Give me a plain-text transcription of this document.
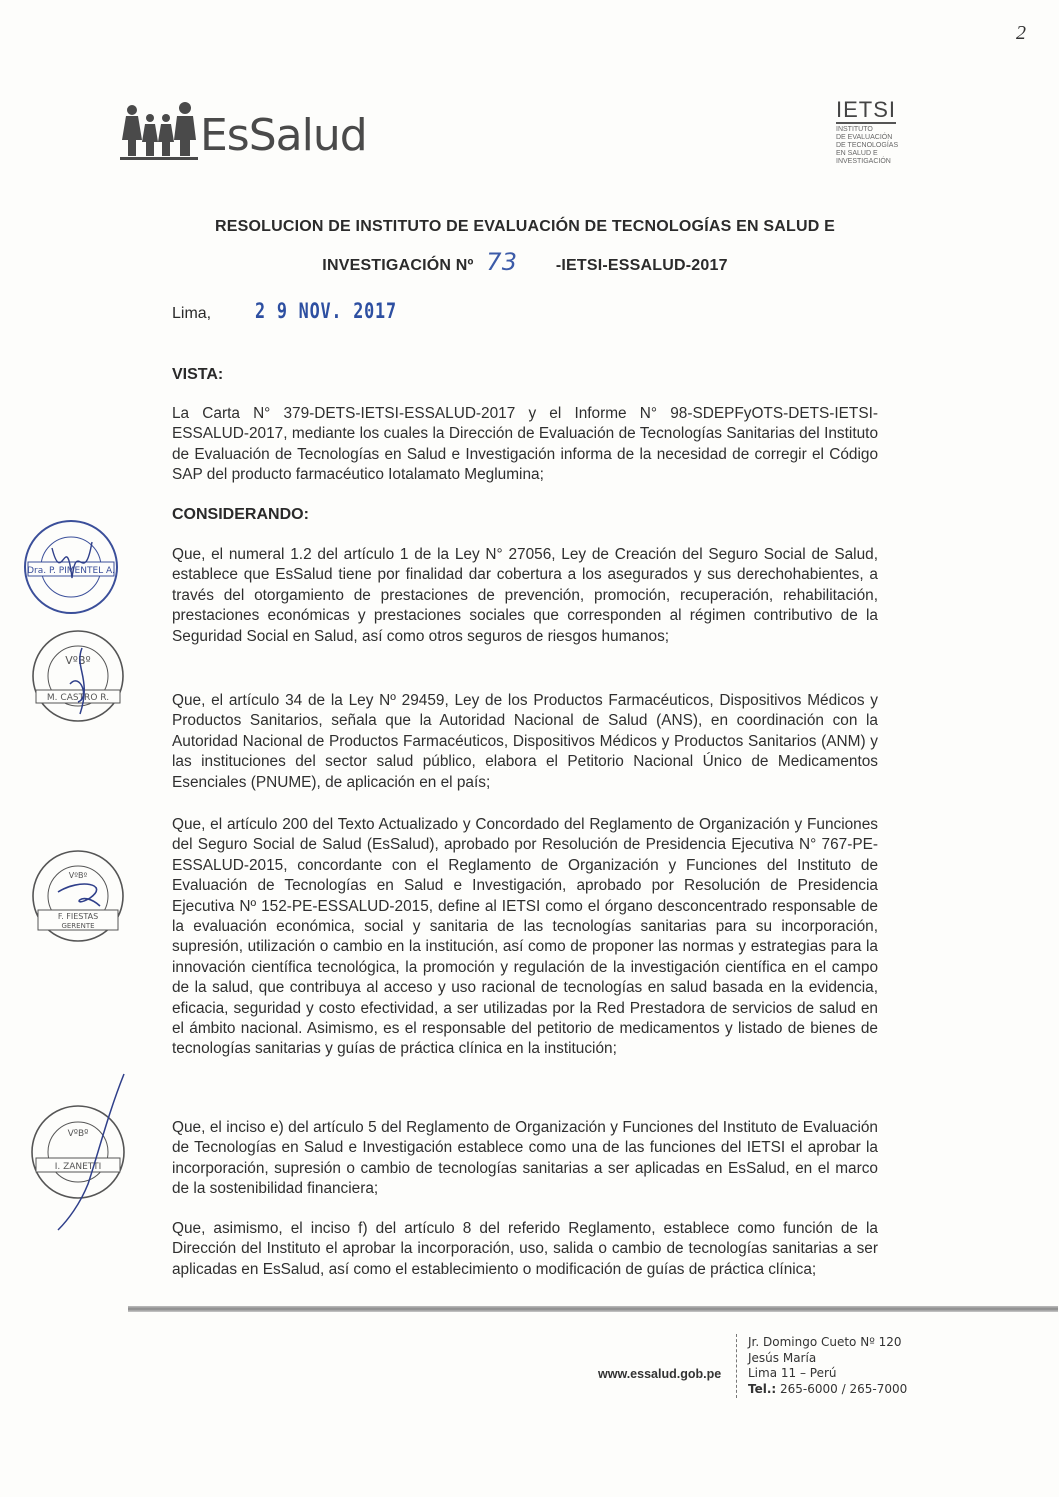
2
EsSalud
IETSI
INSTITUTO
DE EVALUACIÓN
DE TECNOLOGÍAS
EN SALUD E
INVESTIGACIÓN
RESOLUCION DE INSTITUTO DE EVALUACIÓN DE TECNOLOGÍAS EN SALUD E
INVESTIGACIÓN Nº 73 -IETSI-ESSALUD-2017
Lima, 2 9 NOV. 2017
VISTA:
La Carta N° 379-DETS-IETSI-ESSALUD-2017 y el Informe N° 98-SDEPFyOTS-DETS-IETSI-ESSALUD-2017, mediante los cuales la Dirección de Evaluación de Tecnologías Sanitarias del Instituto de Evaluación de Tecnologías en Salud e Investigación informa de la necesidad de corregir el Código SAP del producto farmacéutico Iotalamato Meglumina;
CONSIDERANDO:
Que, el numeral 1.2 del artículo 1 de la Ley N° 27056, Ley de Creación del Seguro Social de Salud, establece que EsSalud tiene por finalidad dar cobertura a los asegurados y sus derechohabientes, a través del otorgamiento de prestaciones de prevención, promoción, recuperación, rehabilitación, prestaciones económicas y prestaciones sociales que corresponden al régimen contributivo de la Seguridad Social en Salud, así como otros seguros de riesgos humanos;
Que, el artículo 34 de la Ley Nº 29459, Ley de los Productos Farmacéuticos, Dispositivos Médicos y Productos Sanitarios, señala que la Autoridad Nacional de Salud (ANS), en coordinación con la Autoridad Nacional de Productos Farmacéuticos, Dispositivos Médicos y Productos Sanitarios (ANM) y las instituciones del sector salud público, elabora el Petitorio Nacional Único de Medicamentos Esenciales (PNUME), de aplicación en el país;
Que, el artículo 200 del Texto Actualizado y Concordado del Reglamento de Organización y Funciones del Seguro Social de Salud (EsSalud), aprobado por Resolución de Presidencia Ejecutiva N° 767-PE-ESSALUD-2015, concordante con el Reglamento de Organización y Funciones del Instituto de Evaluación de Tecnologías en Salud e Investigación, aprobado por Resolución de Presidencia Ejecutiva Nº 152-PE-ESSALUD-2015, define al IETSI como el órgano desconcentrado responsable de la evaluación económica, social y sanitaria de las tecnologías sanitarias para su incorporación, supresión, utilización o cambio en la institución, así como de proponer las normas y estrategias para la innovación científica tecnológica, la promoción y regulación de la investigación científica en el campo de la salud, que contribuya al acceso y uso racional de tecnologías en salud basada en la evidencia, eficacia, seguridad y costo efectividad, a ser utilizadas por la Red Prestadora de servicios de salud en el ámbito nacional. Asimismo, es el responsable del petitorio de medicamentos y listado de bienes de tecnologías sanitarias y guías de práctica clínica en la institución;
Que, el inciso e) del artículo 5 del Reglamento de Organización y Funciones del Instituto de Evaluación de Tecnologías en Salud e Investigación establece como una de las funciones del IETSI el aprobar la incorporación, supresión o cambio de tecnologías sanitarias a ser aplicadas en EsSalud, en el marco de la sostenibilidad financiera;
Que, asimismo, el inciso f) del artículo 8 del referido Reglamento, establece como función de la Dirección del Instituto el aprobar la incorporación, uso, salida o cambio de tecnologías sanitarias a ser aplicadas en EsSalud, así como el establecimiento o modificación de guías de práctica clínica;
Dra. P. PIMENTEL A.
VºBº
M. CASTRO R.
VºBº
F. FIESTAS
GERENTE
VºBº
I. ZANETTI
www.essalud.gob.pe
Jr. Domingo Cueto Nº 120
Jesús María
Lima 11 – Perú
Tel.: 265-6000 / 265-7000
